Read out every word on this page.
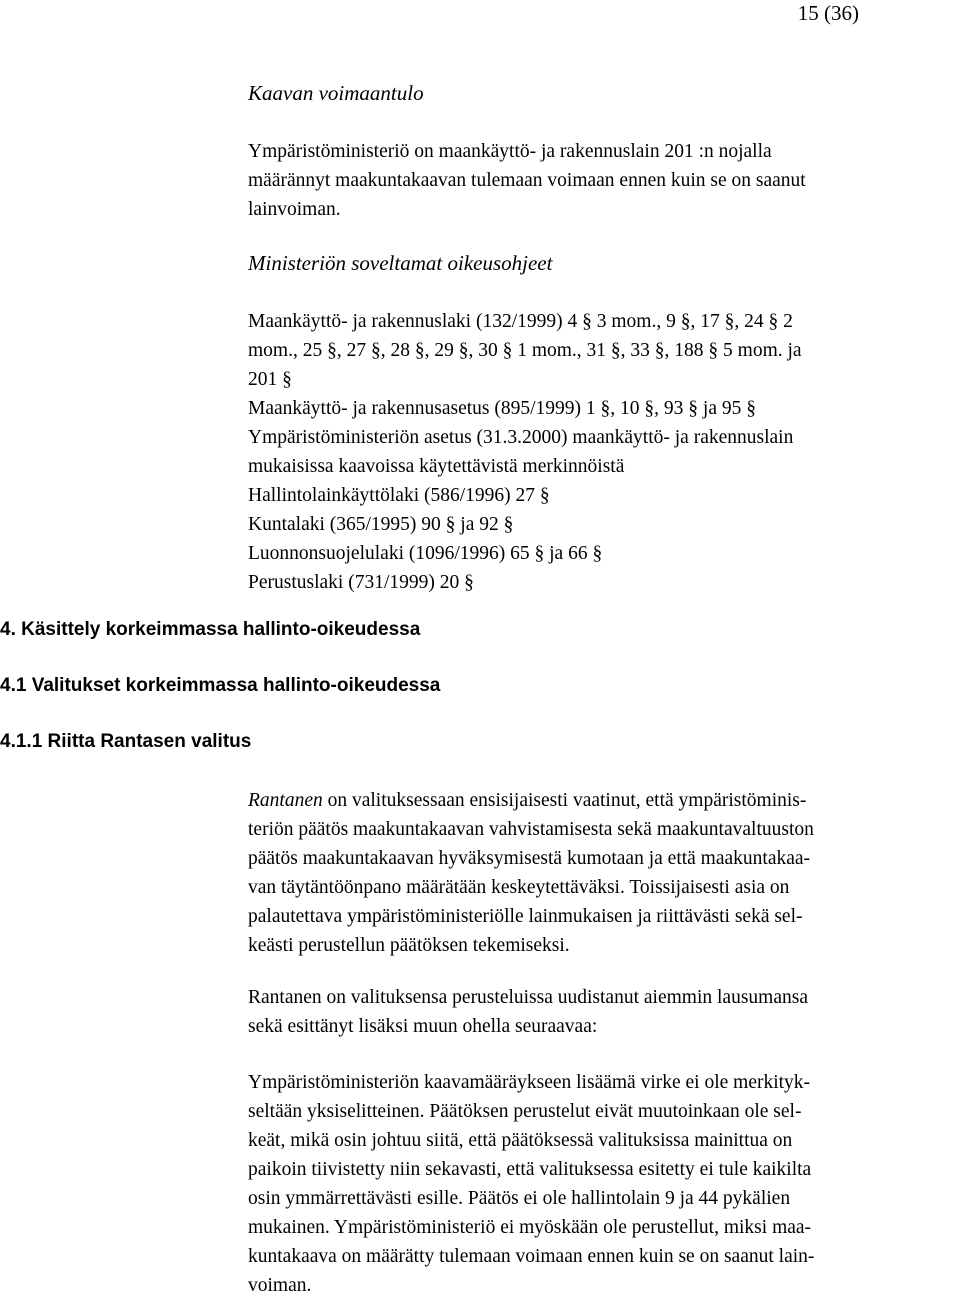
15 (36)
Kaavan voimaantulo
Ympäristöministeriö on maankäyttö- ja rakennuslain 201 :n nojalla
määrännyt maakuntakaavan tulemaan voimaan ennen kuin se on saanut
lainvoiman.
Ministeriön soveltamat oikeusohjeet
Maankäyttö- ja rakennuslaki (132/1999) 4 § 3 mom., 9 §, 17 §, 24 § 2
mom., 25 §, 27 §, 28 §, 29 §, 30 § 1 mom., 31 §, 33 §, 188 § 5 mom. ja
201 §
Maankäyttö- ja rakennusasetus (895/1999) 1 §, 10 §, 93 § ja 95 §
Ympäristöministeriön asetus (31.3.2000) maankäyttö- ja rakennuslain
mukaisissa kaavoissa käytettävistä merkinnöistä
Hallintolainkäyttölaki (586/1996) 27 §
Kuntalaki (365/1995) 90 § ja 92 §
Luonnonsuojelulaki (1096/1996) 65 § ja 66 §
Perustuslaki (731/1999) 20 §
4. Käsittely korkeimmassa hallinto-oikeudessa
4.1 Valitukset korkeimmassa hallinto-oikeudessa
4.1.1 Riitta Rantasen valitus
Rantanen on valituksessaan ensisijaisesti vaatinut, että ympäristöminis-
teriön päätös maakuntakaavan vahvistamisesta sekä maakuntavaltuuston
päätös maakuntakaavan hyväksymisestä kumotaan ja että maakuntakaa-
van täytäntöönpano määrätään keskeytettäväksi. Toissijaisesti asia on
palautettava ympäristöministeriölle lainmukaisen ja riittävästi sekä sel-
keästi perustellun päätöksen tekemiseksi.
Rantanen on valituksensa perusteluissa uudistanut aiemmin lausumansa
sekä esittänyt lisäksi muun ohella seuraavaa:
Ympäristöministeriön kaavamääräykseen lisäämä virke ei ole merkityk-
seltään yksiselitteinen. Päätöksen perustelut eivät muutoinkaan ole sel-
keät, mikä osin johtuu siitä, että päätöksessä valituksissa mainittua on
paikoin tiivistetty niin sekavasti, että valituksessa esitetty ei tule kaikilta
osin ymmärrettävästi esille. Päätös ei ole hallintolain 9 ja 44 pykälien
mukainen. Ympäristöministeriö ei myöskään ole perustellut, miksi maa-
kuntakaava on määrätty tulemaan voimaan ennen kuin se on saanut lain-
voiman.
